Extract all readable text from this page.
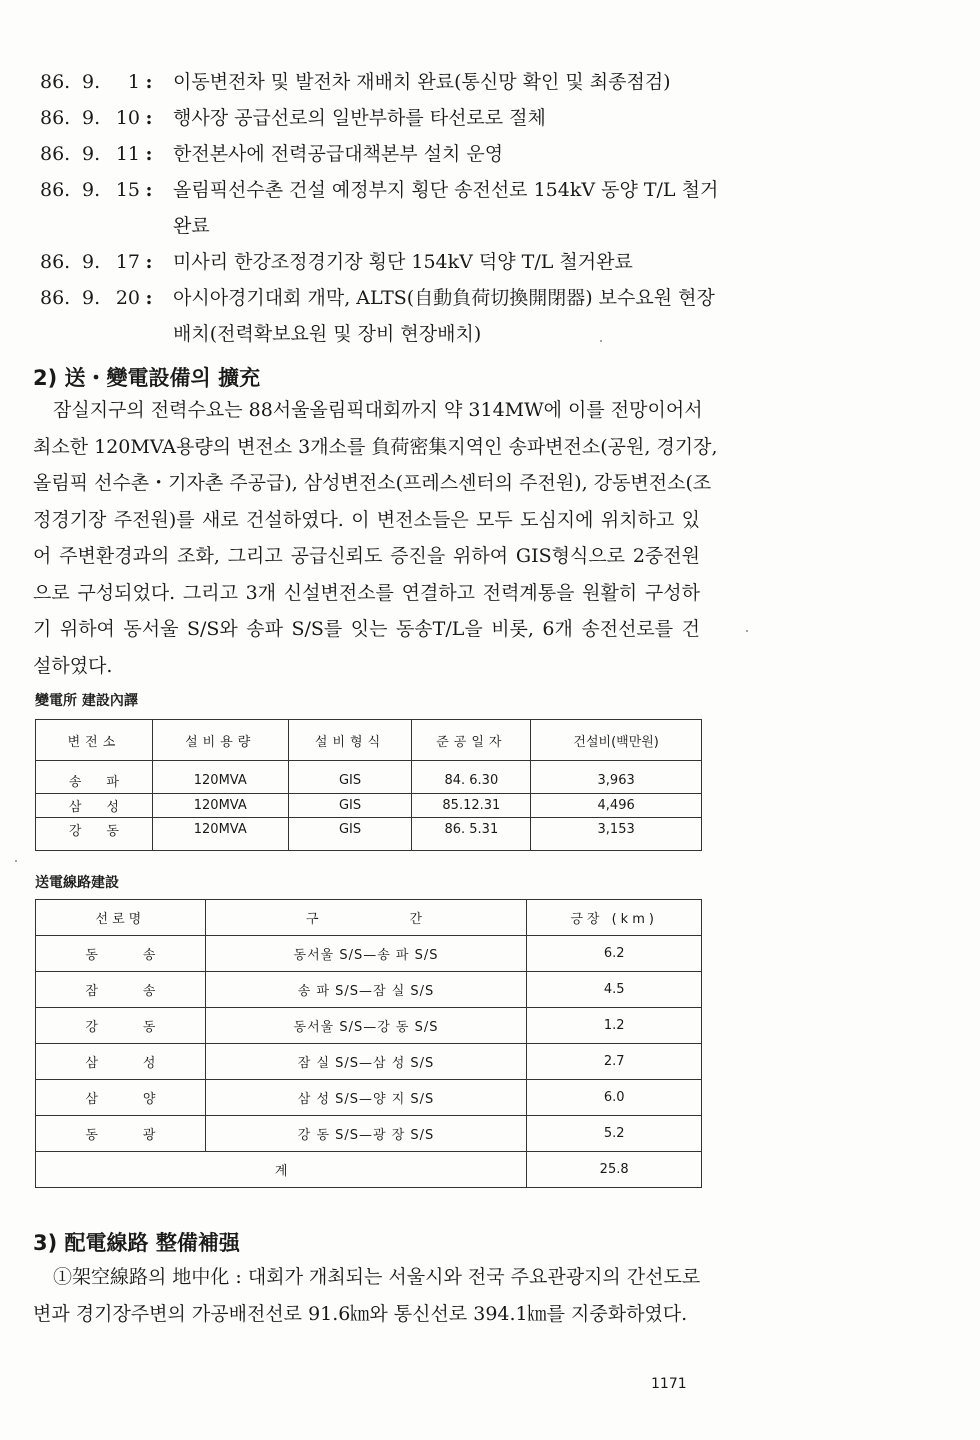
86. 9. 1 :	이동변전차 및 발전차 재배치 완료(통신망 확인 및 최종점검)
86. 9. 10 :	행사장 공급선로의 일반부하를 타선로로 절체
86. 9. 11 :	한전본사에 전력공급대책본부 설치 운영
86. 9. 15 :	올림픽선수촌 건설 예정부지 횡단 송전선로 154kV 동양 T/L 철거
완료
86. 9. 17 :	미사리 한강조정경기장 횡단 154kV 덕양 T/L 철거완료
86. 9. 20 :	아시아경기대회 개막, ALTS(自動負荷切換開閉器) 보수요원 현장
배치(전력확보요원 및 장비 현장배치)
2) 送・變電設備의 擴充
잠실지구의 전력수요는 88서울올림픽대회까지 약 314MW에 이를 전망이어서
최소한 120MVA용량의 변전소 3개소를 負荷密集지역인 송파변전소(공원, 경기장,
올림픽 선수촌・기자촌 주공급), 삼성변전소(프레스센터의 주전원), 강동변전소(조
정경기장 주전원)를 새로 건설하였다. 이 변전소들은 모두 도심지에 위치하고 있
어 주변환경과의 조화, 그리고 공급신뢰도 증진을 위하여 GIS형식으로 2중전원
으로 구성되었다. 그리고 3개 신설변전소를 연결하고 전력계통을 원활히 구성하
기 위하여 동서울 S/S와 송파 S/S를 잇는 동송T/L을 비롯, 6개 송전선로를 건
설하였다.
變電所 建設內譯
변전소	설비용량	설비형식	준공일자	건설비(백만원)

송 파	120MVA	GIS	84. 6.30	3,963

삼 성	120MVA	GIS	85.12.31	4,496

강 동	120MVA	GIS	86. 5.31	3,153
送電線路建設
선로명	구 간	긍장 (km)

동 송	동서울 S/S—송 파 S/S	6.2

잠 송	송 파 S/S—잠 실 S/S	4.5

강 동	동서울 S/S—강 동 S/S	1.2

삼 성	잠 실 S/S—삼 성 S/S	2.7

삼 양	삼 성 S/S—양 지 S/S	6.0

동 광	강 동 S/S—광 장 S/S	5.2
계		25.8
3) 配電線路 整備補强
①架空線路의 地中化 : 대회가 개최되는 서울시와 전국 주요관광지의 간선도로
변과 경기장주변의 가공배전선로 91.6㎞와 통신선로 394.1㎞를 지중화하였다.
1171
